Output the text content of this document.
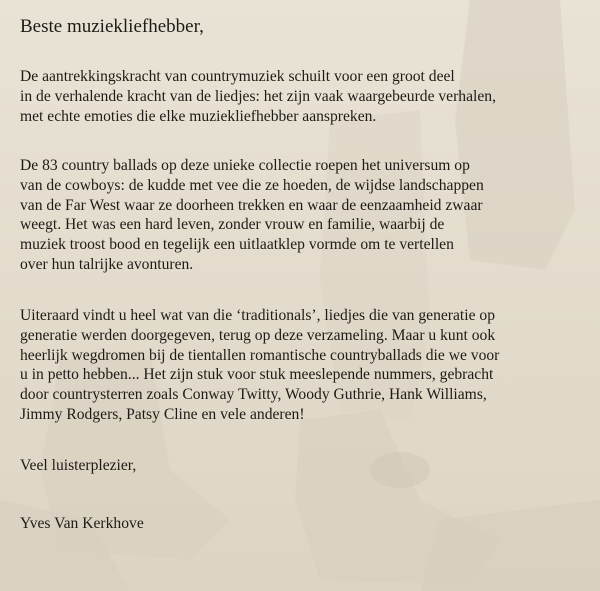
Beste muziekliefhebber,

De aantrekkingskracht van countrymuziek schuilt voor een groot deel
in de verhalende kracht van de liedjes: het zijn vaak waargebeurde verhalen,
met echte emoties die elke muziekliefhebber aanspreken.

De 83 country ballads op deze unieke collectie roepen het universum op
van de cowboys: de kudde met vee die ze hoeden, de wijdse landschappen
van de Far West waar ze doorheen trekken en waar de eenzaamheid zwaar
weegt. Het was een hard leven, zonder vrouw en familie, waarbij de
muziek troost bood en tegelijk een uitlaatklep vormde om te vertellen
over hun talrijke avonturen.

Uiteraard vindt u heel wat van die ‘traditionals’, liedjes die van generatie op
generatie werden doorgegeven, terug op deze verzameling. Maar u kunt ook
heerlijk wegdromen bij de tientallen romantische countryballads die we voor
u in petto hebben... Het zijn stuk voor stuk meeslepende nummers, gebracht
door countrysterren zoals Conway Twitty, Woody Guthrie, Hank Williams,
Jimmy Rodgers, Patsy Cline en vele anderen!

Veel luisterplezier,

Yves Van Kerkhove
